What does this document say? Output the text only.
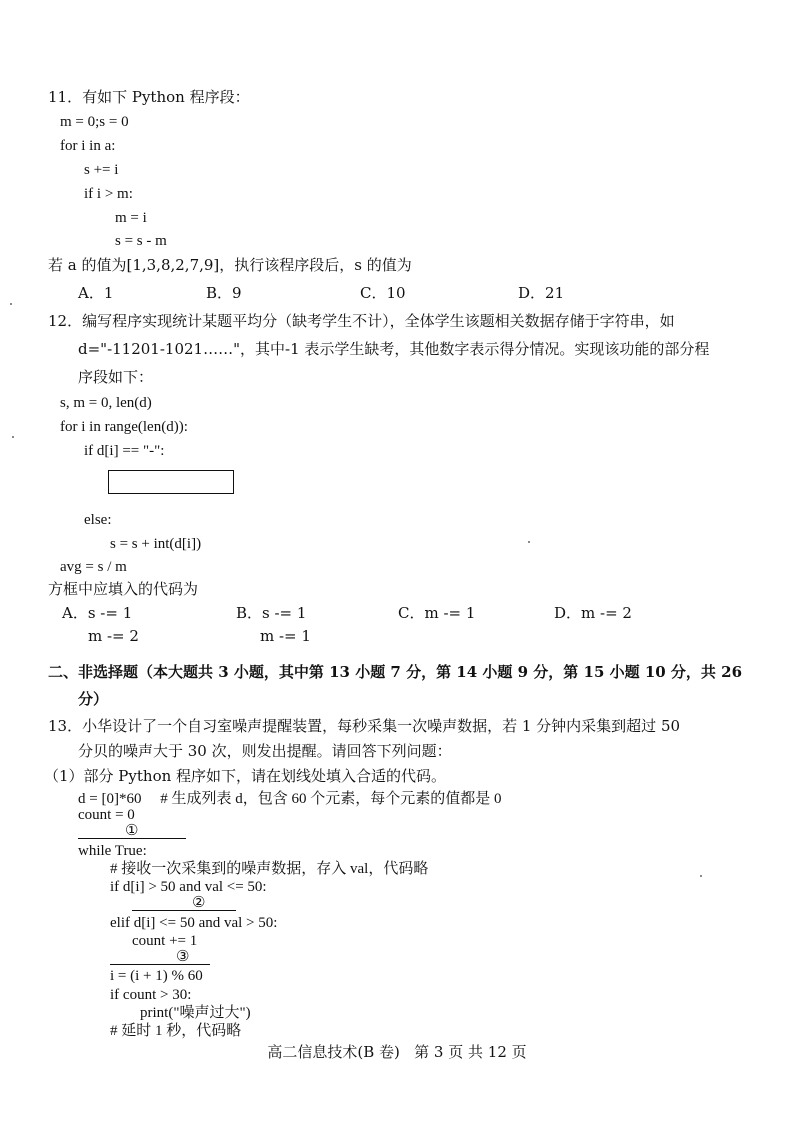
11．有如下 Python 程序段：
m = 0;s = 0
for i in a:
s += i
if i > m:
m = i
s = s - m
若 a 的值为[1,3,8,2,7,9]，执行该程序段后，s 的值为
A．1	B．9	C．10	D．21
12．编写程序实现统计某题平均分（缺考学生不计），全体学生该题相关数据存储于字符串，如
d="-11201-1021……"，其中-1 表示学生缺考，其他数字表示得分情况。实现该功能的部分程
序段如下：
s, m = 0, len(d)
for i in range(len(d)):
if d[i] == "-":
else:
s = s + int(d[i])
avg = s / m
方框中应填入的代码为
A．s -= 1
m -= 2
B．s -= 1
m -= 1
C．m -= 1	D．m -= 2
二、非选择题（本大题共 3 小题，其中第 13 小题 7 分，第 14 小题 9 分，第 15 小题 10 分，共 26
分）
13．小华设计了一个自习室噪声提醒装置，每秒采集一次噪声数据，若 1 分钟内采集到超过 50
分贝的噪声大于 30 次，则发出提醒。请回答下列问题：
（1）部分 Python 程序如下，请在划线处填入合适的代码。
d = [0]*60     # 生成列表 d，包含 60 个元素，每个元素的值都是 0
count = 0
①
while True:
# 接收一次采集到的噪声数据，存入 val，代码略
if d[i] > 50 and val <= 50:
②
elif d[i] <= 50 and val > 50:
count += 1
③
i = (i + 1) % 60
if count > 30:
print("噪声过大")
# 延时 1 秒，代码略
高二信息技术(B 卷)   第 3 页 共 12 页
